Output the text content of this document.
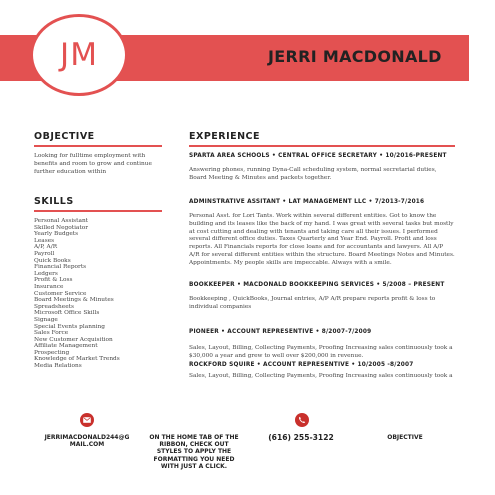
JM	JERRI MACDONALD
OBJECTIVE
Looking for fulltime employment with benefits and room to grow and continue further education within
SKILLS
Personal Assistant
Skilled Negotiator
Yearly Budgets
Leases
A/P, A/R
Payroll
Quick Books
Financial Reports
Ledgers
Profit & Loss
Insurance
Customer Service
Board Meetings & Minutes
Spreadsheets
Microsoft Office Skills
Signage
Special Events planning
Sales Force
New Customer Acquisition
Affiliate Management
Prospecting
Knowledge of Market Trends
Media Relations
EXPERIENCE
SPARTA AREA SCHOOLS • CENTRAL OFFICE SECRETARY • 10/2016-PRESENT
Answering phones, running Dyna-Call scheduling system, normal secretarial duties, Board Meeting & Minutes and packets together.
ADMINSTRATIVE ASSITANT • LAT MANAGEMENT LLC • 7/2013-7/2016
Personal Asst. for Lori Tants. Work within several different entities. Got to know the building and its leases like the back of my hand. I was great with several tasks but mostly at cost cutting and dealing with tenants and taking care all their issues. I performed several different office duties. Taxes Quarterly and Year End. Payroll. Profit and loss reports. All Financials reports for close loans and for accountants and lawyers. All A/P A/R for several different entities within the structure. Board Meetings Notes and Minutes. Appointments. My people skills are impeccable. Always with a smile.
BOOKKEEPER • MACDONALD BOOKKEEPING SERVICES • 5/2008 – PRESENT
Bookkeeping , QuickBooks, Journal entries, A/P A/R prepare reports profit & loss to individual companies
PIONEER • ACCOUNT REPRESENTIVE • 8/2007-7/2009
Sales, Layout, Billing, Collecting Payments, Proofing Increasing sales continuously took a $30,000 a year and grew to well over $200,000 in revenue.
ROCKFORD SQUIRE • ACCOUNT REPRESENTIVE • 10/2005 -8/2007
Sales, Layout, Billing, Collecting Payments, Proofing Increasing sales continuously took a
JERRIMACDONALD244@G MAIL.COM
ON THE HOME TAB OF THE RIBBON, CHECK OUT STYLES TO APPLY THE FORMATTING YOU NEED WITH JUST A CLICK.
(616) 255-3122	OBJECTIVE
